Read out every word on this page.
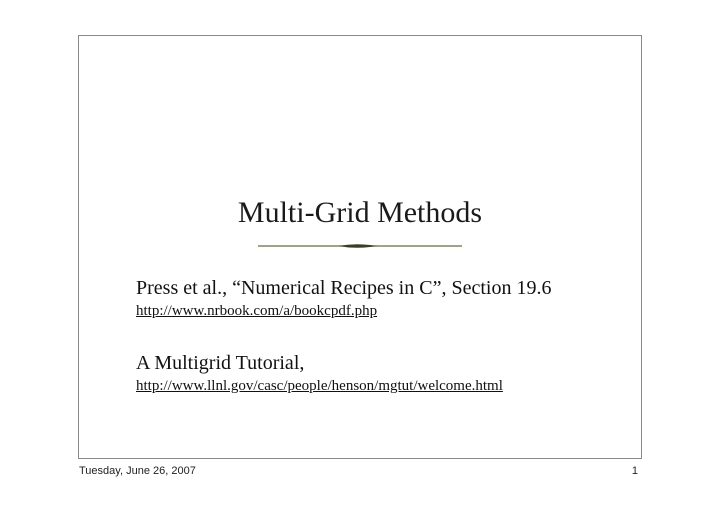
Multi-Grid Methods
Press et al., “Numerical Recipes in C”, Section 19.6
http://www.nrbook.com/a/bookcpdf.php
A Multigrid Tutorial,
http://www.llnl.gov/casc/people/henson/mgtut/welcome.html
Tuesday, June 26, 2007	1
